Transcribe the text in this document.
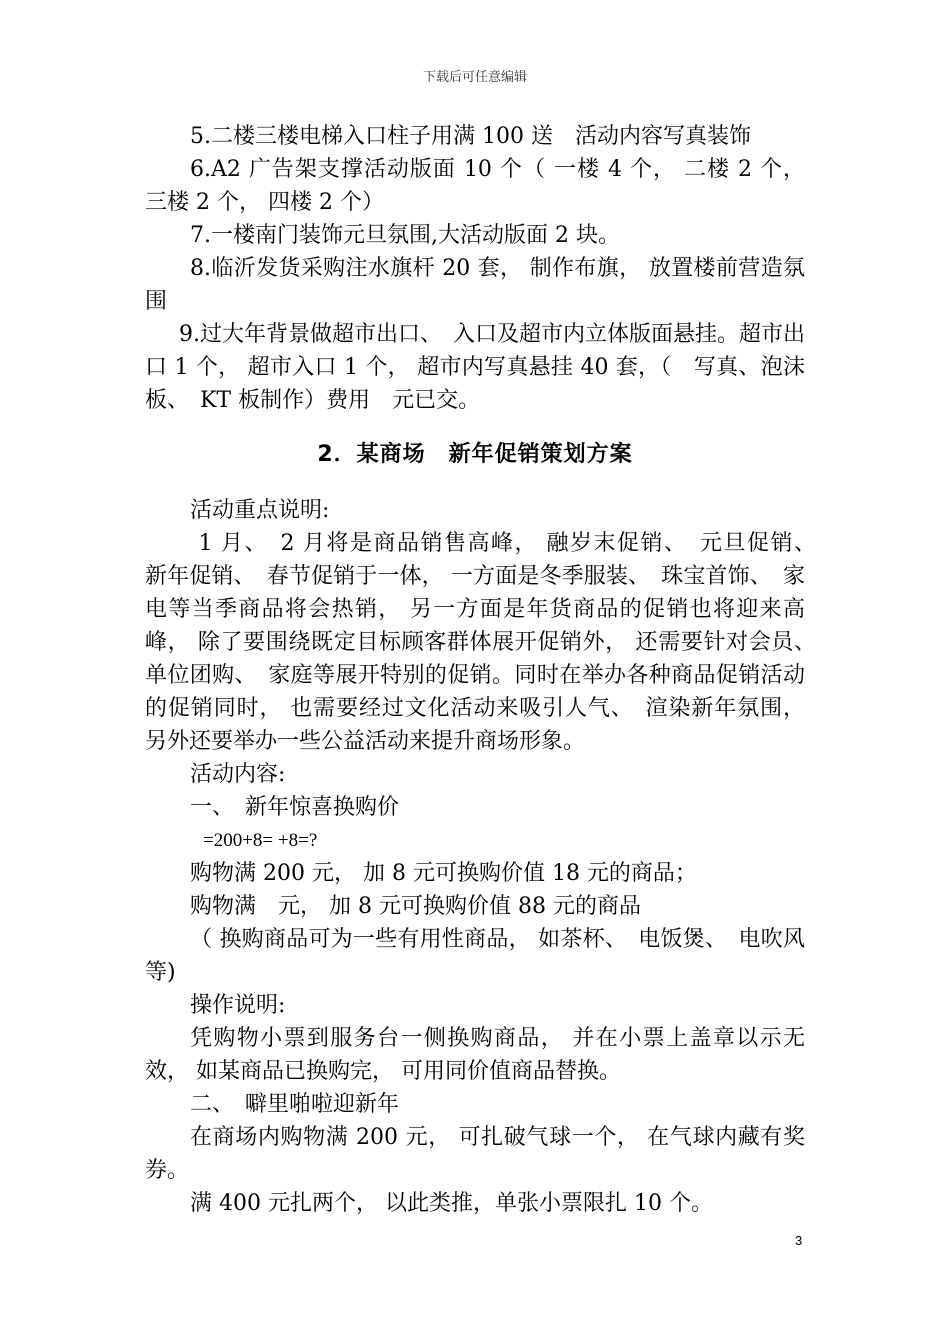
下载后可任意编辑

5.二楼三楼电梯入口柱子用满 100 送　活动内容写真装饰

6.A2 广告架支撑活动版面 10 个（ 一楼 4 个， 二楼 2 个， 三楼 2 个， 四楼 2 个）

7.一楼南门装饰元旦氛围,大活动版面 2 块。

8.临沂发货采购注水旗杆 20 套， 制作布旗， 放置楼前营造氛围

9.过大年背景做超市出口、　入口及超市内立体版面悬挂。超市出口 1 个， 超市入口 1 个， 超市内写真悬挂 40 套，（　写真、泡沫板、　KT 板制作）费用　元已交。

2．某商场　新年促销策划方案

活动重点说明:

1 月、　2 月将是商品销售高峰， 融岁末促销、　元旦促销、　新年促销、　春节促销于一体， 一方面是冬季服装、　珠宝首饰、　家电等当季商品将会热销， 另一方面是年货商品的促销也将迎来高峰， 除了要围绕既定目标顾客群体展开促销外， 还需要针对会员、　单位团购、　家庭等展开特别的促销。同时在举办各种商品促销活动的促销同时， 也需要经过文化活动来吸引人气、　渲染新年氛围， 另外还要举办一些公益活动来提升商场形象。

活动内容:

一、　新年惊喜换购价

=200+8= +8=?

购物满 200 元， 加 8 元可换购价值 18 元的商品；

购物满　元， 加 8 元可换购价值 88 元的商品

（ 换购商品可为一些有用性商品， 如茶杯、　电饭煲、　电吹风等)

操作说明:

凭购物小票到服务台一侧换购商品， 并在小票上盖章以示无效， 如某商品已换购完， 可用同价值商品替换。

二、　噼里啪啦迎新年

在商场内购物满 200 元， 可扎破气球一个， 在气球内藏有奖券。

满 400 元扎两个， 以此类推，单张小票限扎 10 个。

3
